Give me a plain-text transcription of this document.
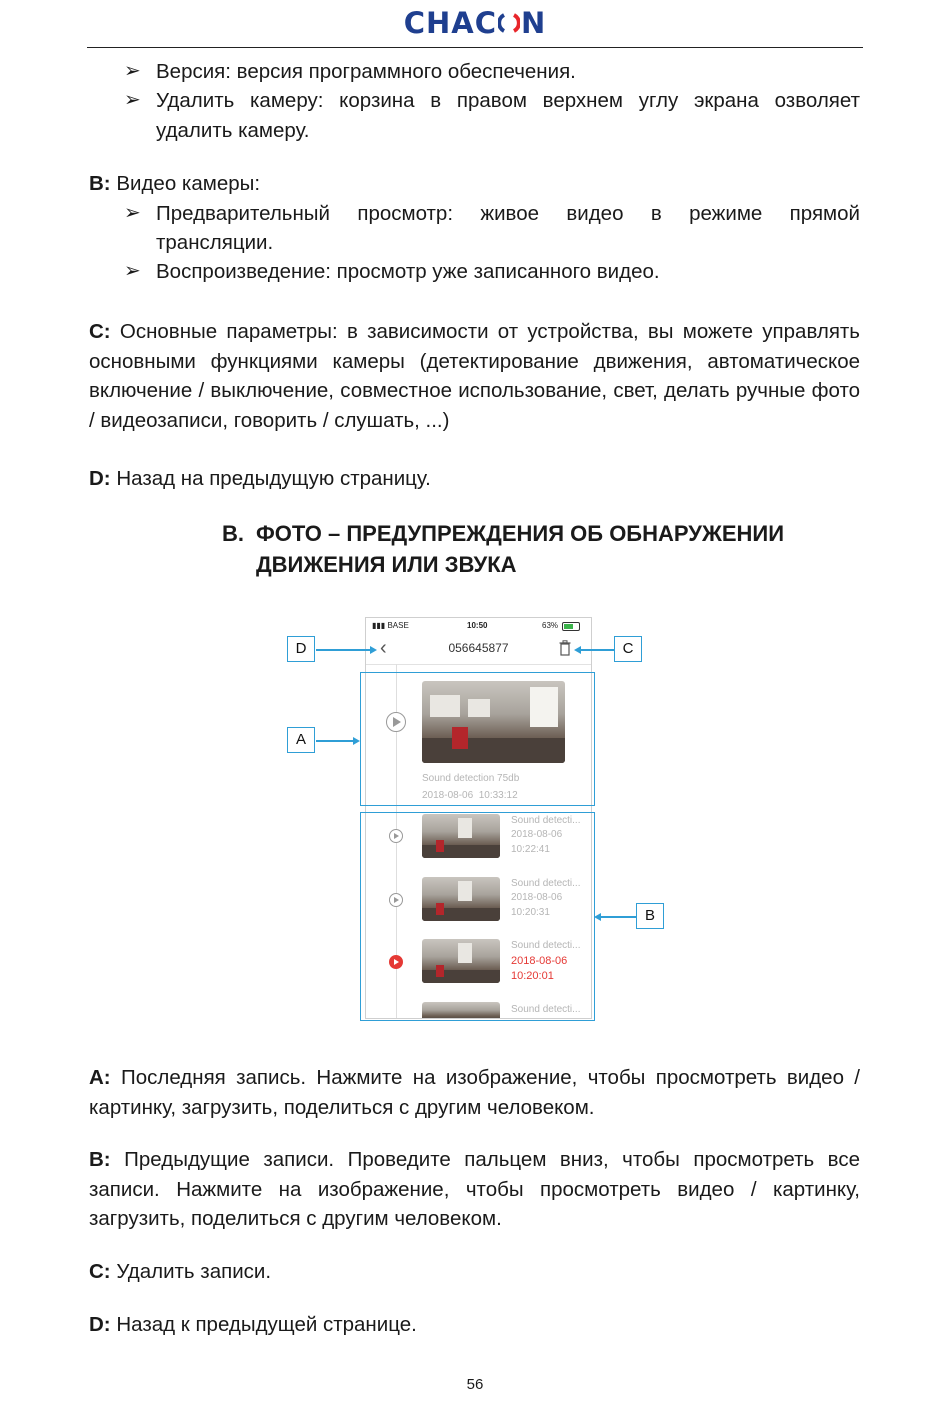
CHAC N
➢ Версия: версия программного обеспечения.
➢ Удалить камеру: корзина в правом верхнем углу экрана озволяет
удалить камеру.
B: Видео камеры:
➢ Предварительный просмотр: живое видео в режиме прямой
трансляции.
➢ Воспроизведение: просмотр уже записанного видео.
C: Основные параметры: в зависимости от устройства, вы можете управлять основными функциями камеры (детектирование движения, автоматическое включение / выключение, совместное использование, свет, делать ручные фото / видеозаписи, говорить / слушать, ...)
D: Назад на предыдущую страницу.
B. ФОТО – ПРЕДУПРЕЖДЕНИЯ ОБ ОБНАРУЖЕНИИ ДВИЖЕНИЯ ИЛИ ЗВУКА
▮▮▮ BASE	10:50	63%
‹	056645877
Sound detection 75db
2018-08-06 10:33:12
Sound detecti...
2018-08-06
10:22:41
Sound detecti...
2018-08-06
10:20:31
Sound detecti...
2018-08-06
10:20:01
Sound detecti...
D	C
A
B
A: Последняя запись. Нажмите на изображение, чтобы просмотреть видео / картинку, загрузить, поделиться с другим человеком.
B: Предыдущие записи. Проведите пальцем вниз, чтобы просмотреть все записи. Нажмите на изображение, чтобы просмотреть видео / картинку, загрузить, поделиться с другим человеком.
C: Удалить записи.
D: Назад к предыдущей странице.
56
